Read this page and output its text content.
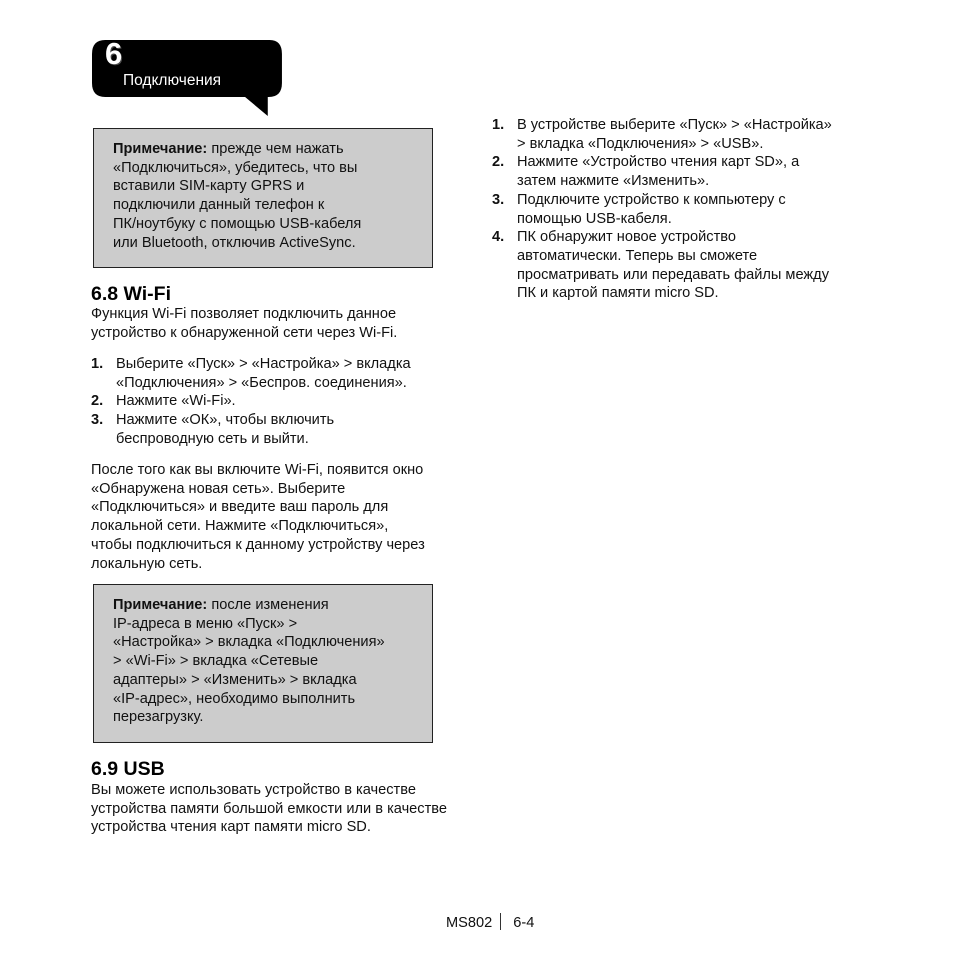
6
Подключения

Примечание: прежде чем нажать

«Подключиться», убедитесь, что вы

вставили SIM-карту GPRS и

подключили данный телефон к

ПК/ноутбуку с помощью USB-кабеля

или Bluetooth, отключив ActiveSync.

6.8 Wi-Fi

Функция Wi-Fi позволяет подключить данное

устройство к обнаруженной сети через Wi-Fi.

1. Выберите «Пуск» > «Настройка» > вкладка

«Подключения» > «Беспров. соединения».

2. Нажмите «Wi-Fi».

3. Нажмите «ОК», чтобы включить

беспроводную сеть и выйти.

После того как вы включите Wi-Fi, появится окно

«Обнаружена новая сеть». Выберите

«Подключиться» и введите ваш пароль для

локальной сети. Нажмите «Подключиться»,

чтобы подключиться к данному устройству через

локальную сеть.

Примечание: после изменения

IP-адреса в меню «Пуск» >

«Настройка» > вкладка «Подключения»

> «Wi-Fi» > вкладка «Сетевые

адаптеры» > «Изменить» > вкладка

«IP-адрес», необходимо выполнить

перезагрузку.

6.9 USB

Вы можете использовать устройство в качестве

устройства памяти большой емкости или в качестве

устройства чтения карт памяти micro SD.

1. В устройстве выберите «Пуск» > «Настройка»

> вкладка «Подключения» > «USB».

2. Нажмите «Устройство чтения карт SD», а

затем нажмите «Изменить».

3. Подключите устройство к компьютеру с

помощью USB-кабеля.

4. ПК обнаружит новое устройство

автоматически. Теперь вы сможете

просматривать или передавать файлы между

ПК и картой памяти micro SD.

MS802 6-4
